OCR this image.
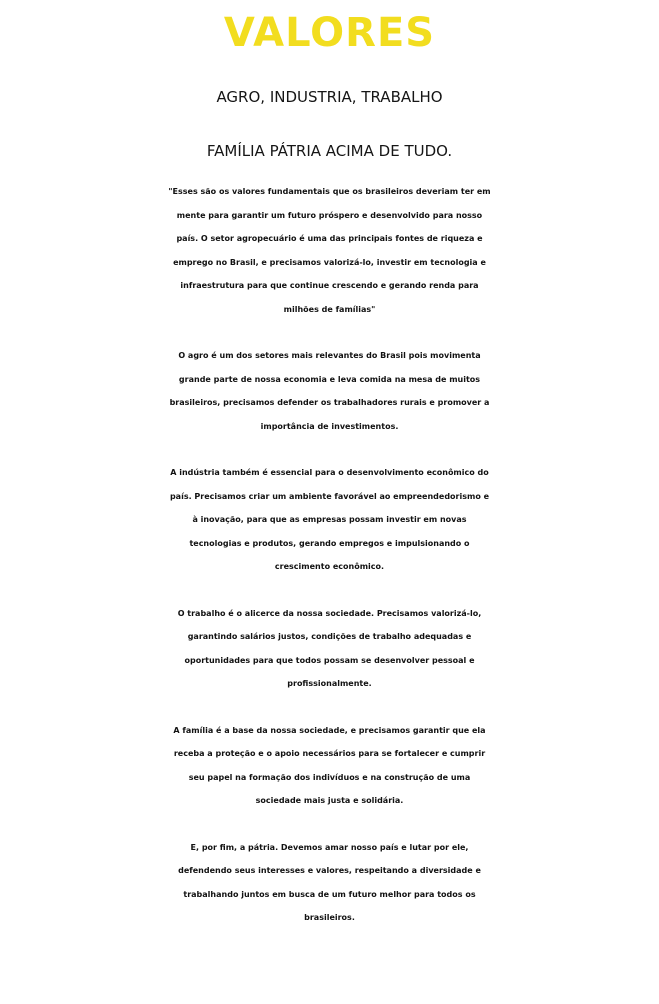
VALORES
AGRO, INDUSTRIA, TRABALHO
FAMÍLIA PÁTRIA ACIMA DE TUDO.

"Esses são os valores fundamentais que os brasileiros deveriam ter em
mente para garantir um futuro próspero e desenvolvido para nosso
país. O setor agropecuário é uma das principais fontes de riqueza e
emprego no Brasil, e precisamos valorizá-lo, investir em tecnologia e
infraestrutura para que continue crescendo e gerando renda para
milhões de famílias"

O agro é um dos setores mais relevantes do Brasil pois movimenta
grande parte de nossa economia e leva comida na mesa de muitos
brasileiros, precisamos defender os trabalhadores rurais e promover a
importância de investimentos.

A indústria também é essencial para o desenvolvimento econômico do
país. Precisamos criar um ambiente favorável ao empreendedorismo e
à inovação, para que as empresas possam investir em novas
tecnologias e produtos, gerando empregos e impulsionando o
crescimento econômico.

O trabalho é o alicerce da nossa sociedade. Precisamos valorizá-lo,
garantindo salários justos, condições de trabalho adequadas e
oportunidades para que todos possam se desenvolver pessoal e
profissionalmente.

A família é a base da nossa sociedade, e precisamos garantir que ela
receba a proteção e o apoio necessários para se fortalecer e cumprir
seu papel na formação dos indivíduos e na construção de uma
sociedade mais justa e solidária.

E, por fim, a pátria. Devemos amar nosso país e lutar por ele,
defendendo seus interesses e valores, respeitando a diversidade e
trabalhando juntos em busca de um futuro melhor para todos os
brasileiros.
